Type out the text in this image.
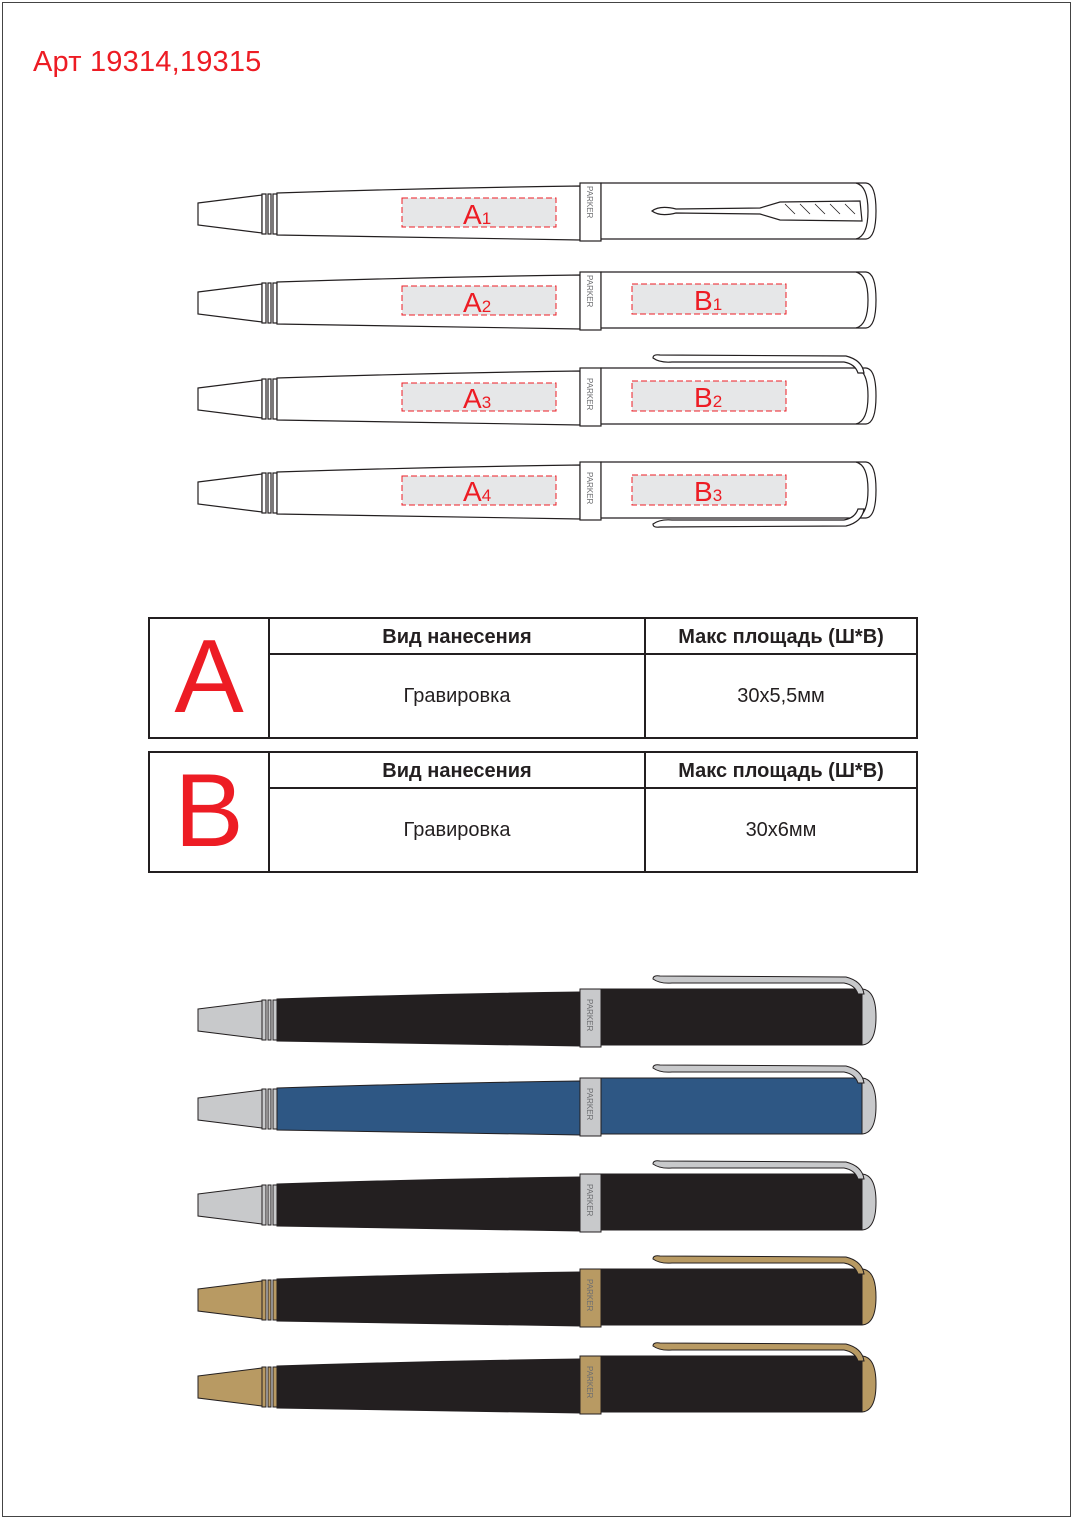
Арт 19314,19315
PARKER
PARKER
PARKER
PARKER
A1
A2	B1
A3	B2
A4	B3
PARKER
PARKER
PARKER
PARKER
PARKER
A	Вид нанесения	Макс площадь (Ш*В)
Гравировка	30х5,5мм
B	Вид нанесения	Макс площадь (Ш*В)
Гравировка	30х6мм
